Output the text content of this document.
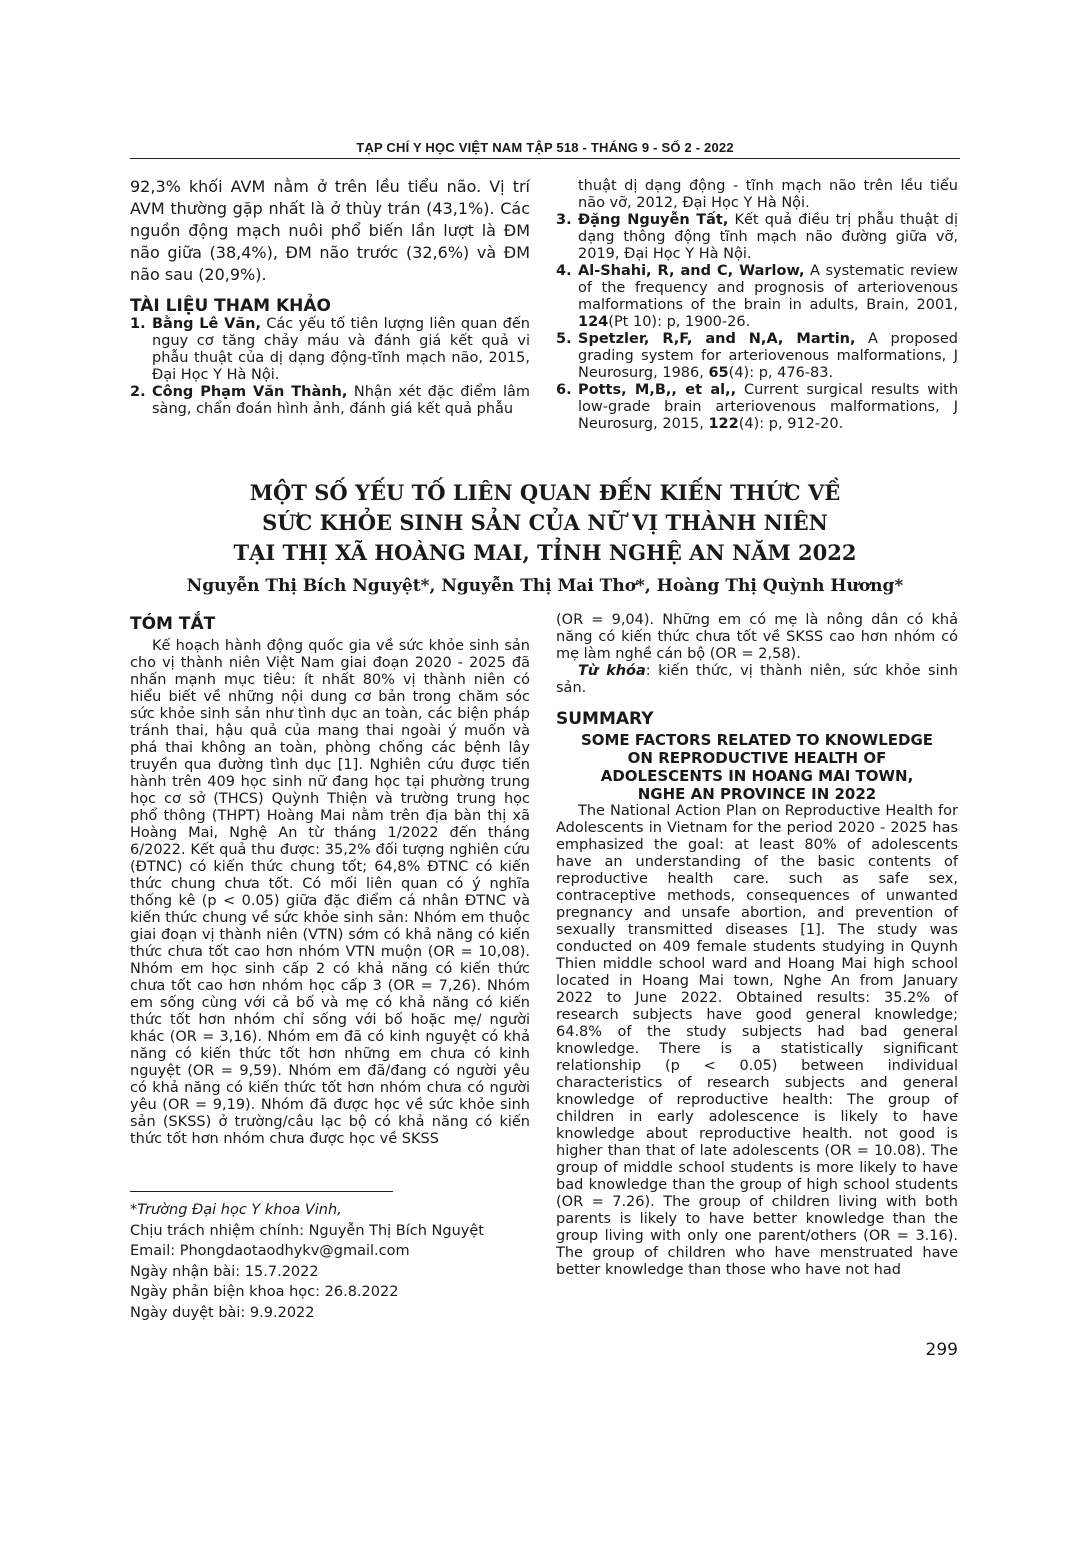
TẠP CHÍ Y HỌC VIỆT NAM TẬP 518 - THÁNG 9 - SỐ 2 - 2022
92,3% khối AVM nằm ở trên lều tiểu não. Vị trí AVM thường gặp nhất là ở thùy trán (43,1%). Các nguồn động mạch nuôi phổ biến lần lượt là ĐM não giữa (38,4%), ĐM não trước (32,6%) và ĐM não sau (20,9%).
TÀI LIỆU THAM KHẢO
1. Bằng Lê Văn, Các yếu tố tiên lượng liên quan đến nguy cơ tăng chảy máu và đánh giá kết quả vi phẫu thuật của dị dạng động-tĩnh mạch não, 2015, Đại Học Y Hà Nội.
2. Công Phạm Văn Thành, Nhận xét đặc điểm lâm sàng, chẩn đoán hình ảnh, đánh giá kết quả phẫu
thuật dị dạng động - tĩnh mạch não trên lều tiểu não vỡ, 2012, Đại Học Y Hà Nội.
3. Đặng Nguyễn Tất, Kết quả điều trị phẫu thuật dị dạng thông động tĩnh mạch não đường giữa vỡ, 2019, Đại Học Y Hà Nội.
4. Al-Shahi, R, and C, Warlow, A systematic review of the frequency and prognosis of arteriovenous malformations of the brain in adults, Brain, 2001, 124(Pt 10): p, 1900-26.
5. Spetzler, R,F, and N,A, Martin, A proposed grading system for arteriovenous malformations, J Neurosurg, 1986, 65(4): p, 476-83.
6. Potts, M,B,, et al,, Current surgical results with low-grade brain arteriovenous malformations, J Neurosurg, 2015, 122(4): p, 912-20.
MỘT SỐ YẾU TỐ LIÊN QUAN ĐẾN KIẾN THỨC VỀ
SỨC KHỎE SINH SẢN CỦA NỮ VỊ THÀNH NIÊN
TẠI THỊ XÃ HOÀNG MAI, TỈNH NGHỆ AN NĂM 2022
Nguyễn Thị Bích Nguyệt*, Nguyễn Thị Mai Thơ*, Hoàng Thị Quỳnh Hương*
TÓM TẮT
Kế hoạch hành động quốc gia về sức khỏe sinh sản cho vị thành niên Việt Nam giai đoạn 2020 - 2025 đã nhấn mạnh mục tiêu: ít nhất 80% vị thành niên có hiểu biết về những nội dung cơ bản trong chăm sóc sức khỏe sinh sản như tình dục an toàn, các biện pháp tránh thai, hậu quả của mang thai ngoài ý muốn và phá thai không an toàn, phòng chống các bệnh lây truyền qua đường tình dục [1]. Nghiên cứu được tiến hành trên 409 học sinh nữ đang học tại phường trung học cơ sở (THCS) Quỳnh Thiện và trường trung học phổ thông (THPT) Hoàng Mai nằm trên địa bàn thị xã Hoàng Mai, Nghệ An từ tháng 1/2022 đến tháng 6/2022. Kết quả thu được: 35,2% đối tượng nghiên cứu (ĐTNC) có kiến thức chung tốt; 64,8% ĐTNC có kiến thức chung chưa tốt. Có mối liên quan có ý nghĩa thống kê (p < 0.05) giữa đặc điểm cá nhân ĐTNC và kiến thức chung về sức khỏe sinh sản: Nhóm em thuộc giai đoạn vị thành niên (VTN) sớm có khả năng có kiến thức chưa tốt cao hơn nhóm VTN muộn (OR = 10,08). Nhóm em học sinh cấp 2 có khả năng có kiến thức chưa tốt cao hơn nhóm học cấp 3 (OR = 7,26). Nhóm em sống cùng với cả bố và mẹ có khả năng có kiến thức tốt hơn nhóm chỉ sống với bố hoặc mẹ/ người khác (OR = 3,16). Nhóm em đã có kinh nguyệt có khả năng có kiến thức tốt hơn những em chưa có kinh nguyệt (OR = 9,59). Nhóm em đã/đang có người yêu có khả năng có kiến thức tốt hơn nhóm chưa có người yêu (OR = 9,19). Nhóm đã được học về sức khỏe sinh sản (SKSS) ở trường/câu lạc bộ có khả năng có kiến thức tốt hơn nhóm chưa được học về SKSS
(OR = 9,04). Những em có mẹ là nông dân có khả năng có kiến thức chưa tốt về SKSS cao hơn nhóm có mẹ làm nghề cán bộ (OR = 2,58).
Từ khóa: kiến thức, vị thành niên, sức khỏe sinh sản.
SUMMARY

SOME FACTORS RELATED TO KNOWLEDGE

ON REPRODUCTIVE HEALTH OF

ADOLESCENTS IN HOANG MAI TOWN,

NGHE AN PROVINCE IN 2022

The National Action Plan on Reproductive Health for Adolescents in Vietnam for the period 2020 - 2025 has emphasized the goal: at least 80% of adolescents have an understanding of the basic contents of reproductive health care. such as safe sex, contraceptive methods, consequences of unwanted pregnancy and unsafe abortion, and prevention of sexually transmitted diseases [1]. The study was conducted on 409 female students studying in Quynh Thien middle school ward and Hoang Mai high school located in Hoang Mai town, Nghe An from January 2022 to June 2022. Obtained results: 35.2% of research subjects have good general knowledge; 64.8% of the study subjects had bad general knowledge. There is a statistically significant relationship (p < 0.05) between individual characteristics of research subjects and general knowledge of reproductive health: The group of children in early adolescence is likely to have knowledge about reproductive health. not good is higher than that of late adolescents (OR = 10.08). The group of middle school students is more likely to have bad knowledge than the group of high school students (OR = 7.26). The group of children living with both parents is likely to have better knowledge than the group living with only one parent/others (OR = 3.16). The group of children who have menstruated have better knowledge than those who have not had
*Trường Đại học Y khoa Vinh,
Chịu trách nhiệm chính: Nguyễn Thị Bích Nguyệt
Email: Phongdaotaodhykv@gmail.com
Ngày nhận bài: 15.7.2022
Ngày phản biện khoa học: 26.8.2022
Ngày duyệt bài: 9.9.2022
299
